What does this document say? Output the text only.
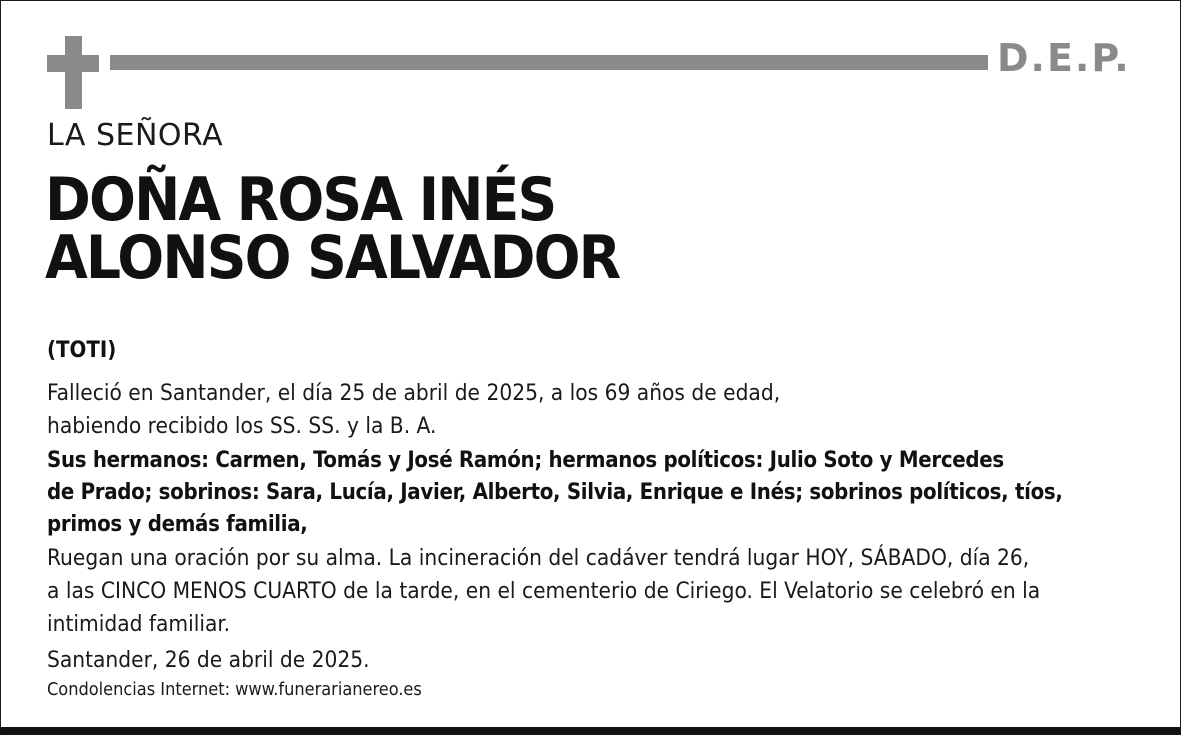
D.E.P.
LA SEÑORA
DOÑA ROSA INÉS
ALONSO SALVADOR
(TOTI)
Falleció en Santander, el día 25 de abril de 2025, a los 69 años de edad,
habiendo recibido los SS. SS. y la B. A.
Sus hermanos: Carmen, Tomás y José Ramón; hermanos políticos: Julio Soto y Mercedes
de Prado; sobrinos: Sara, Lucía, Javier, Alberto, Silvia, Enrique e Inés; sobrinos políticos, tíos,
primos y demás familia,
Ruegan una oración por su alma. La incineración del cadáver tendrá lugar HOY, SÁBADO, día 26,
a las CINCO MENOS CUARTO de la tarde, en el cementerio de Ciriego. El Velatorio se celebró en la
intimidad familiar.
Santander, 26 de abril de 2025.
Condolencias Internet: www.funerarianereo.es
